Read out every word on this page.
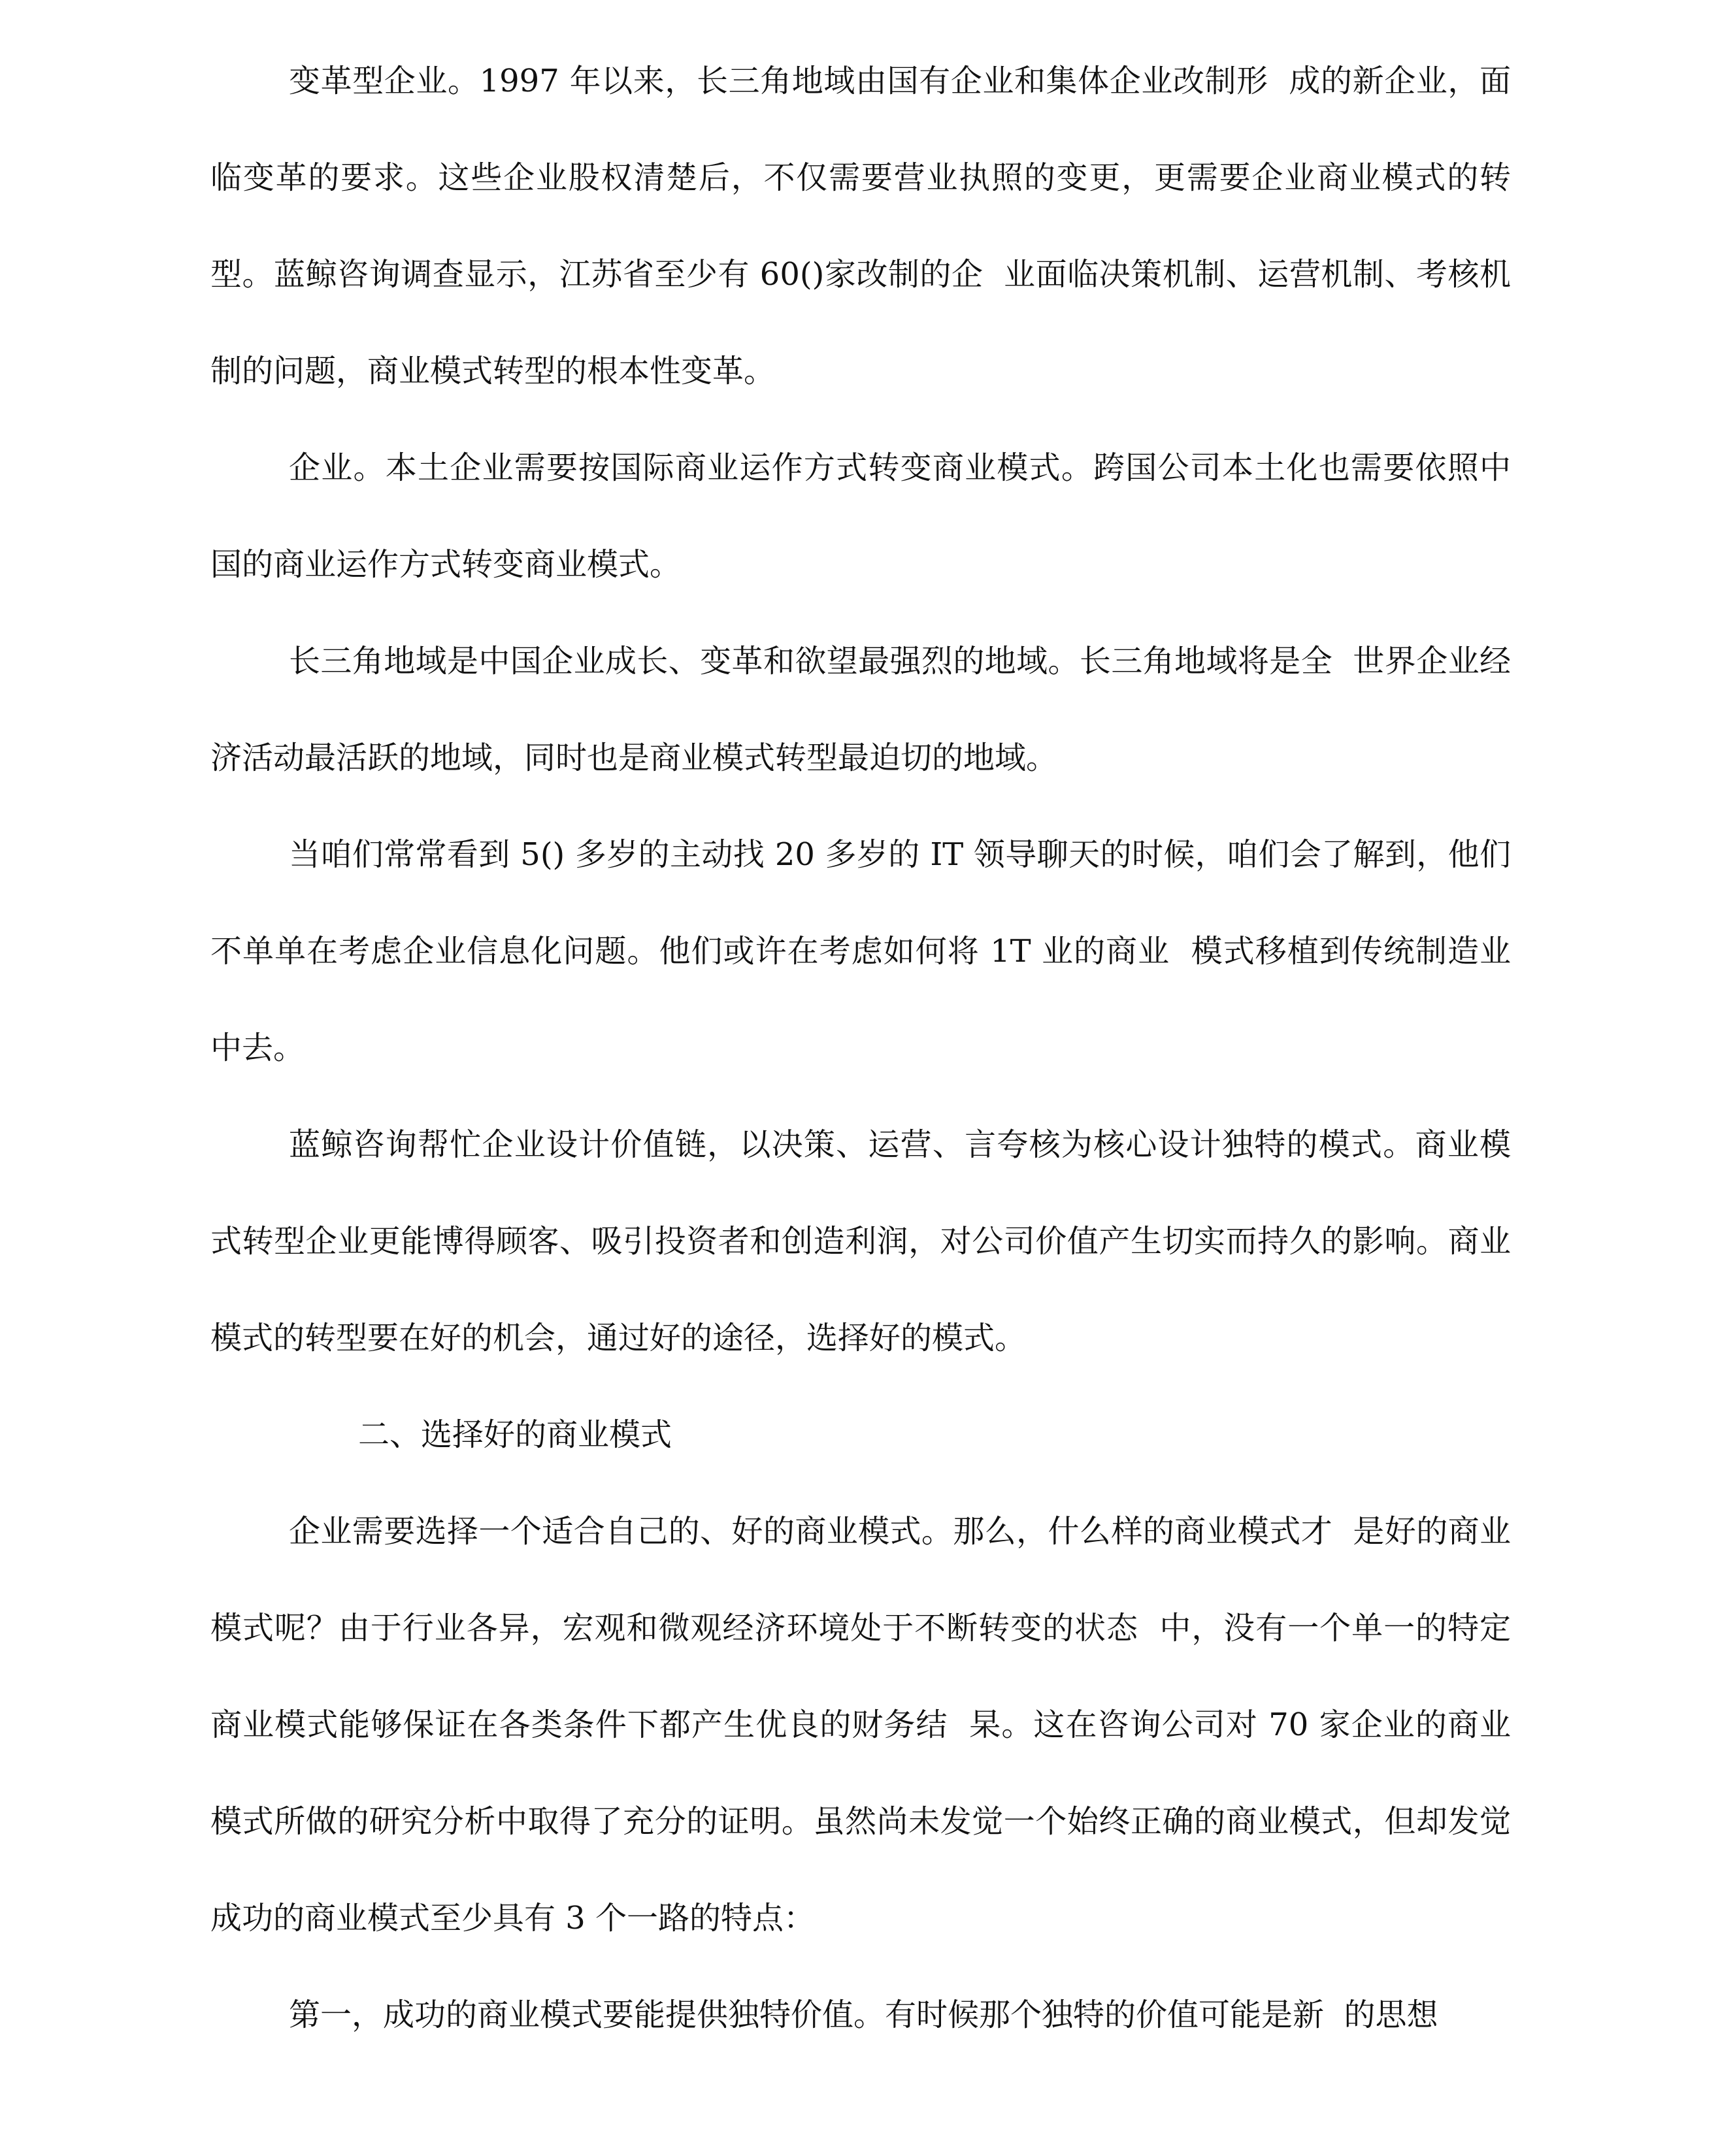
变革型企业。1997 年以来，长三角地域由国有企业和集体企业改制形  成的新企业，面临变革的要求。这些企业股权清楚后，不仅需要营业执照的变更，更需要企业商业模式的转型。蓝鲸咨询调查显示，江苏省至少有 60()家改制的企  业面临决策机制、运营机制、考核机制的问题，商业模式转型的根本性变革。

企业。本土企业需要按国际商业运作方式转变商业模式。跨国公司本土化也需要依照中国的商业运作方式转变商业模式。

长三角地域是中国企业成长、变革和欲望最强烈的地域。长三角地域将是全  世界企业经济活动最活跃的地域，同时也是商业模式转型最迫切的地域。

当咱们常常看到 5() 多岁的主动找 20 多岁的 IT 领导聊天的时候，咱们会了解到，他们不单单在考虑企业信息化问题。他们或许在考虑如何将 1T 业的商业  模式移植到传统制造业中去。

蓝鲸咨询帮忙企业设计价值链，以决策、运营、言夸核为核心设计独特的模式。商业模式转型企业更能博得顾客、吸引投资者和创造利润，对公司价值产生切实而持久的影响。商业模式的转型要在好的机会，通过好的途径，选择好的模式。

二、选择好的商业模式

企业需要选择一个适合自己的、好的商业模式。那么，什么样的商业模式才  是好的商业模式呢？由于行业各异，宏观和微观经济环境处于不断转变的状态  中，没有一个单一的特定商业模式能够保证在各类条件下都产生优良的财务结  杲。这在咨询公司对 70 家企业的商业模式所做的研究分析中取得了充分的证明。虽然尚未发觉一个始终正确的商业模式，但却发觉成功的商业模式至少具有 3 个一路的特点：

第一，成功的商业模式要能提供独特价值。有时候那个独特的价值可能是新  的思想
